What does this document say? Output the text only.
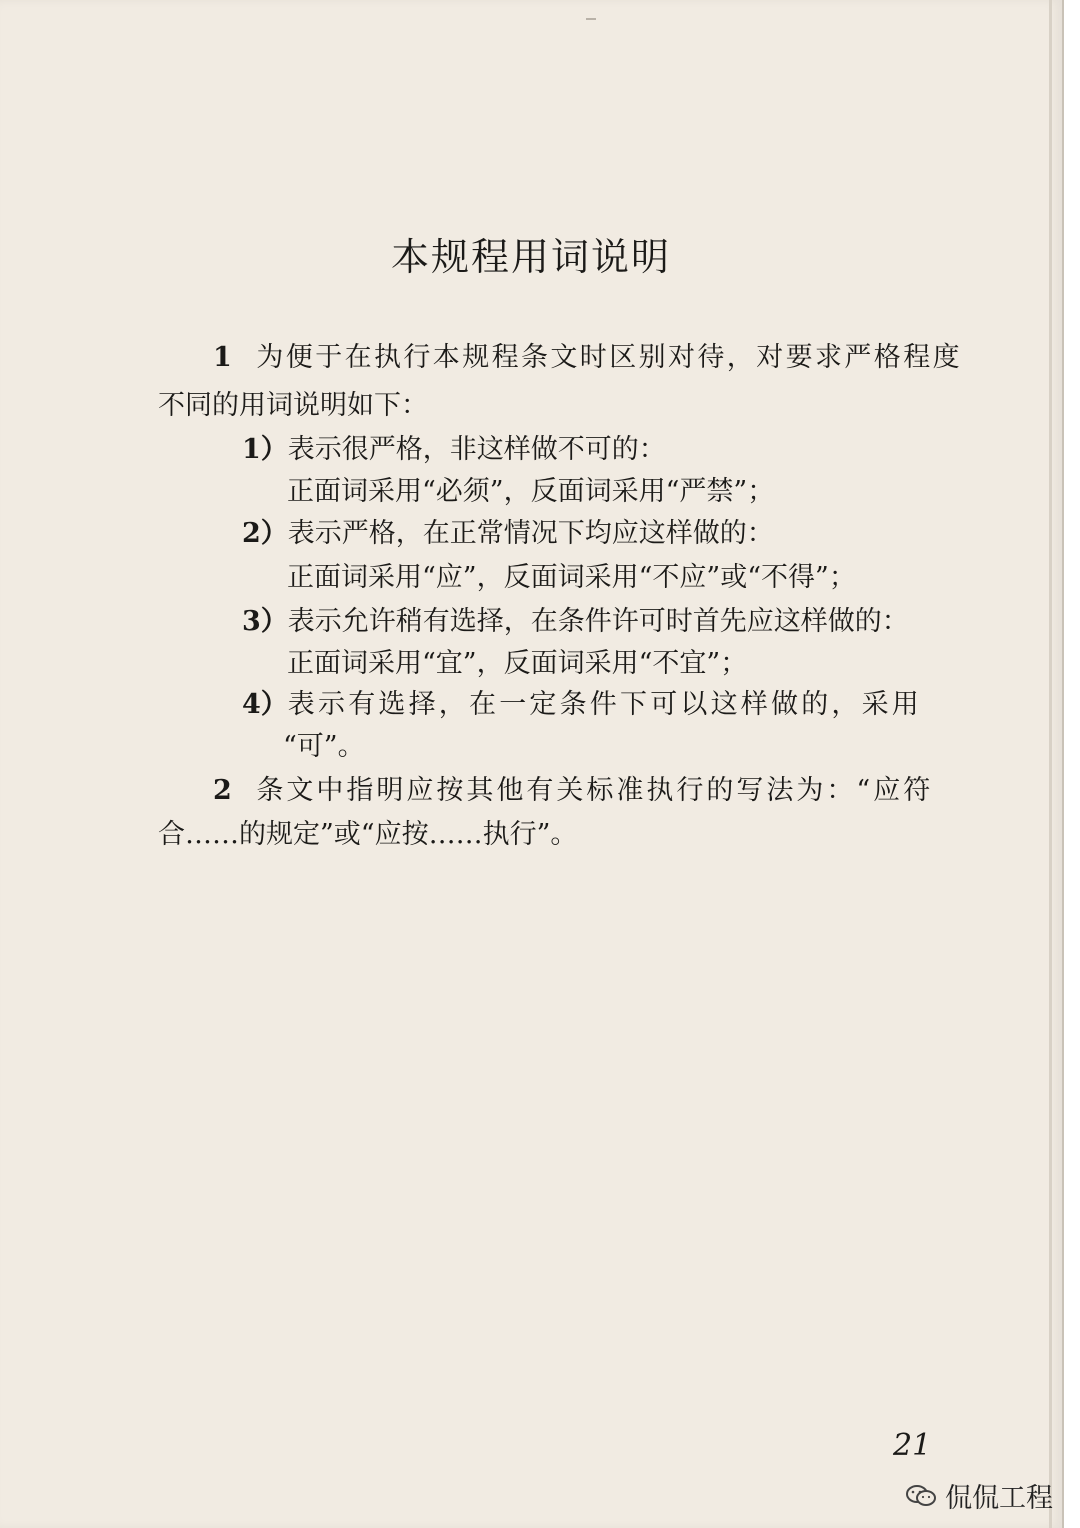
本规程用词说明
1 为便于在执行本规程条文时区别对待，对要求严格程度
不同的用词说明如下：
1）表示很严格，非这样做不可的：
正面词采用“必须”，反面词采用“严禁”；
2）表示严格，在正常情况下均应这样做的：
正面词采用“应”，反面词采用“不应”或“不得”；
3）表示允许稍有选择，在条件许可时首先应这样做的：
正面词采用“宜”，反面词采用“不宜”；
4）表示有选择，在一定条件下可以这样做的，采用
“可”。
2 条文中指明应按其他有关标准执行的写法为：“应符
合……的规定”或“应按……执行”。
21
侃侃工程
